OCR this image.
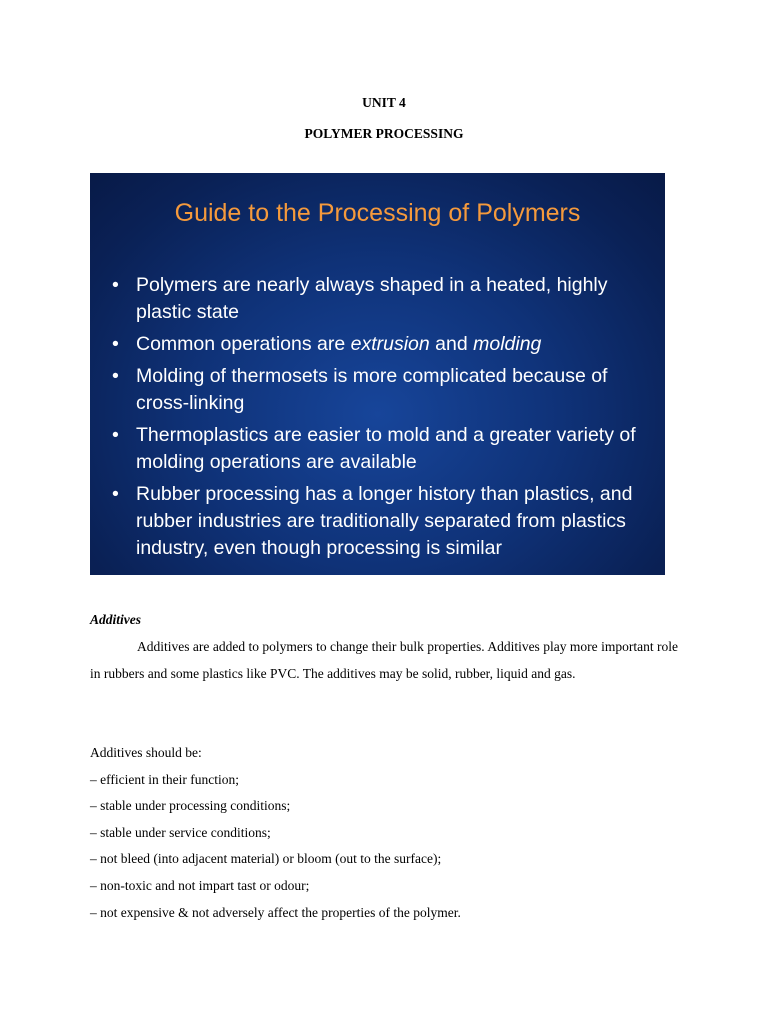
UNIT 4
POLYMER PROCESSING
Guide to the Processing of Polymers
• Polymers are nearly always shaped in a heated, highly plastic state
• Common operations are extrusion and molding
• Molding of thermosets is more complicated because of cross-linking
• Thermoplastics are easier to mold and a greater variety of molding operations are available
• Rubber processing has a longer history than plastics, and rubber industries are traditionally separated from plastics industry, even though processing is similar
Additives
Additives are added to polymers to change their bulk properties. Additives play more important role in rubbers and some plastics like PVC. The additives may be solid, rubber, liquid and gas.
Additives should be:
– efficient in their function;
– stable under processing conditions;
– stable under service conditions;
– not bleed (into adjacent material) or bloom (out to the surface);
– non-toxic and not impart tast or odour;
– not expensive & not adversely affect the properties of the polymer.
